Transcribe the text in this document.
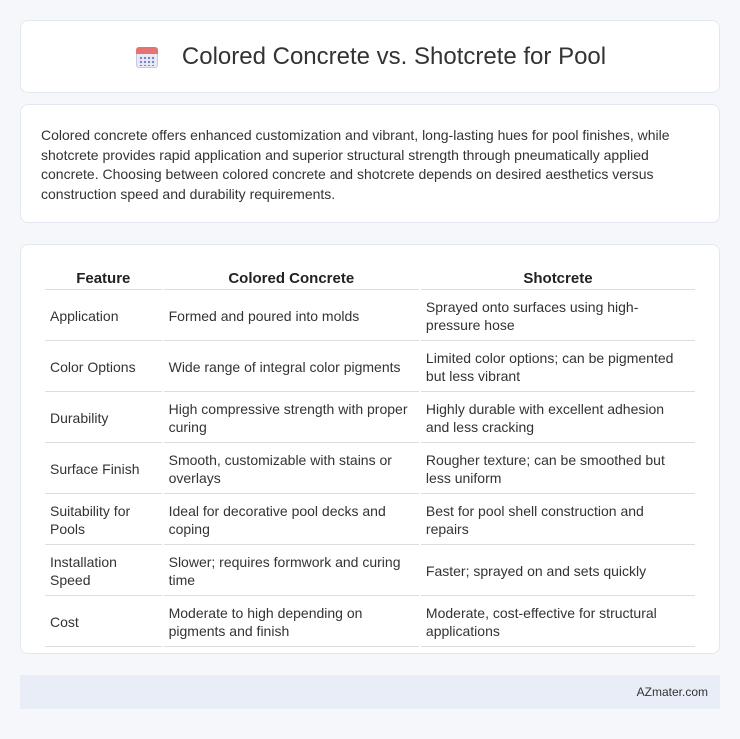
Colored Concrete vs. Shotcrete for Pool

Colored concrete offers enhanced customization and vibrant, long-lasting hues for pool finishes, while shotcrete provides rapid application and superior structural strength through pneumatically applied concrete. Choosing between colored concrete and shotcrete depends on desired aesthetics versus construction speed and durability requirements.

Feature	Colored Concrete	Shotcrete
Application	Formed and poured into molds	Sprayed onto surfaces using high-pressure hose
Color Options	Wide range of integral color pigments	Limited color options; can be pigmented but less vibrant
Durability	High compressive strength with proper curing	Highly durable with excellent adhesion and less cracking
Surface Finish	Smooth, customizable with stains or overlays	Rougher texture; can be smoothed but less uniform
Suitability for Pools	Ideal for decorative pool decks and coping	Best for pool shell construction and repairs
Installation Speed	Slower; requires formwork and curing time	Faster; sprayed on and sets quickly
Cost	Moderate to high depending on pigments and finish	Moderate, cost-effective for structural applications
AZmater.com
